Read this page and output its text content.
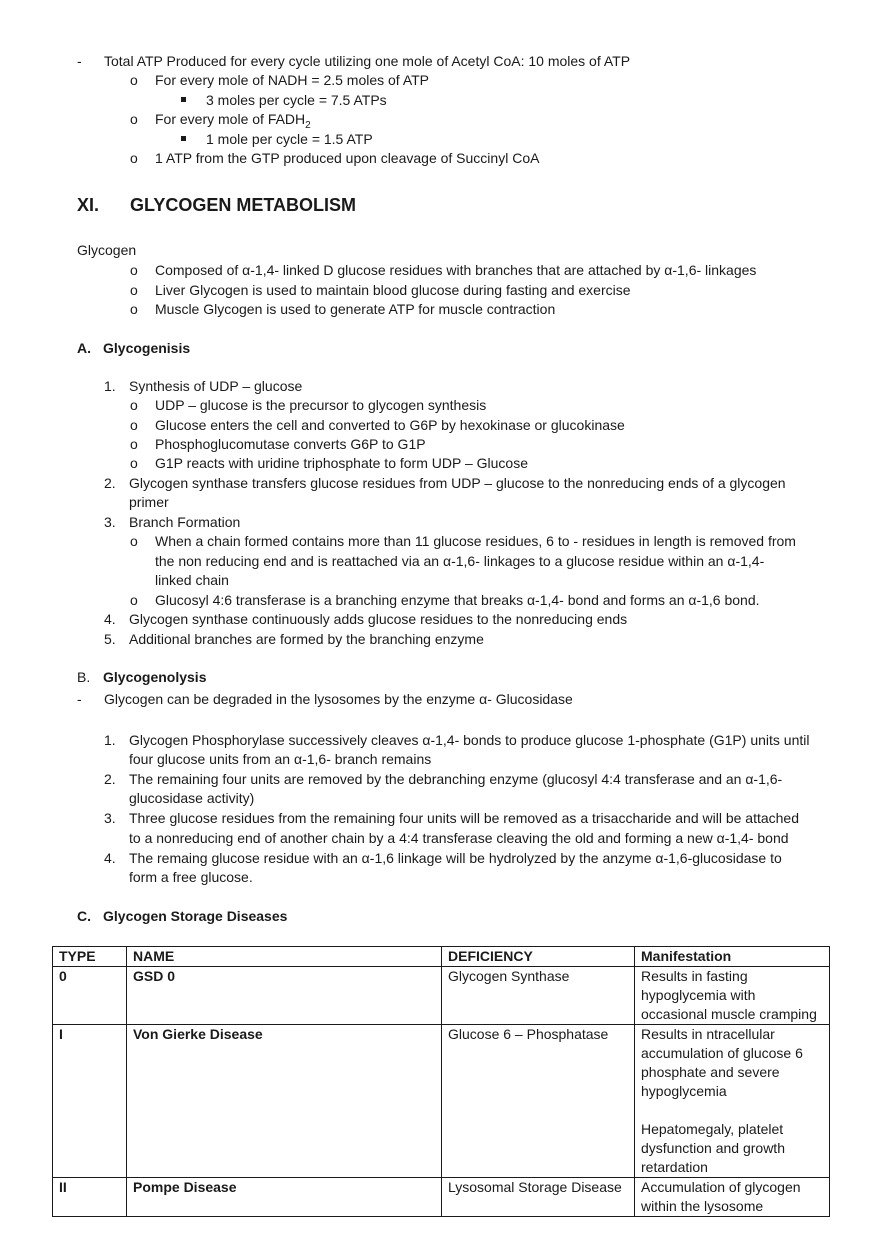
- Total ATP Produced for every cycle utilizing one mole of Acetyl CoA: 10 moles of ATP
o For every mole of NADH = 2.5 moles of ATP
3 moles per cycle = 7.5 ATPs
o For every mole of $FADH_2$
1 mole per cycle = 1.5 ATP
o 1 ATP from the GTP produced upon cleavage of Succinyl CoA
XI. GLYCOGEN METABOLISM
Glycogen
o Composed of α-1,4- linked D glucose residues with branches that are attached by α-1,6- linkages
o Liver Glycogen is used to maintain blood glucose during fasting and exercise
o Muscle Glycogen is used to generate ATP for muscle contraction
A. Glycogenisis
1. Synthesis of UDP – glucose
o UDP – glucose is the precursor to glycogen synthesis
o Glucose enters the cell and converted to G6P by hexokinase or glucokinase
o Phosphoglucomutase converts G6P to G1P
o G1P reacts with uridine triphosphate to form UDP – Glucose
2. Glycogen synthase transfers glucose residues from UDP – glucose to the nonreducing ends of a glycogen
primer
3. Branch Formation
o When a chain formed contains more than 11 glucose residues, 6 to - residues in length is removed from
the non reducing end and is reattached via an α-1,6- linkages to a glucose residue within an α-1,4-
linked chain
o Glucosyl 4:6 transferase is a branching enzyme that breaks α-1,4- bond and forms an α-1,6 bond.
4. Glycogen synthase continuously adds glucose residues to the nonreducing ends
5. Additional branches are formed by the branching enzyme
B. Glycogenolysis
- Glycogen can be degraded in the lysosomes by the enzyme α- Glucosidase
1. Glycogen Phosphorylase successively cleaves α-1,4- bonds to produce glucose 1-phosphate (G1P) units until
four glucose units from an α-1,6- branch remains
2. The remaining four units are removed by the debranching enzyme (glucosyl 4:4 transferase and an α-1,6-
glucosidase activity)
3. Three glucose residues from the remaining four units will be removed as a trisaccharide and will be attached
to a nonreducing end of another chain by a 4:4 transferase cleaving the old and forming a new α-1,4- bond
4. The remaing glucose residue with an α-1,6 linkage will be hydrolyzed by the anzyme α-1,6-glucosidase to
form a free glucose.
C. Glycogen Storage Diseases
TYPE	NAME	DEFICIENCY	Manifestation
0	GSD 0	Glycogen Synthase	Results in fasting hypoglycemia with occasional muscle cramping

I	Von Gierke Disease	Glucose 6 – Phosphatase	Results in ntracellular accumulation of glucose 6 phosphate and severe hypoglycemia
Hepatomegaly, platelet dysfunction and growth retardation

II	Pompe Disease	Lysosomal Storage Disease	Accumulation of glycogen within the lysosome
